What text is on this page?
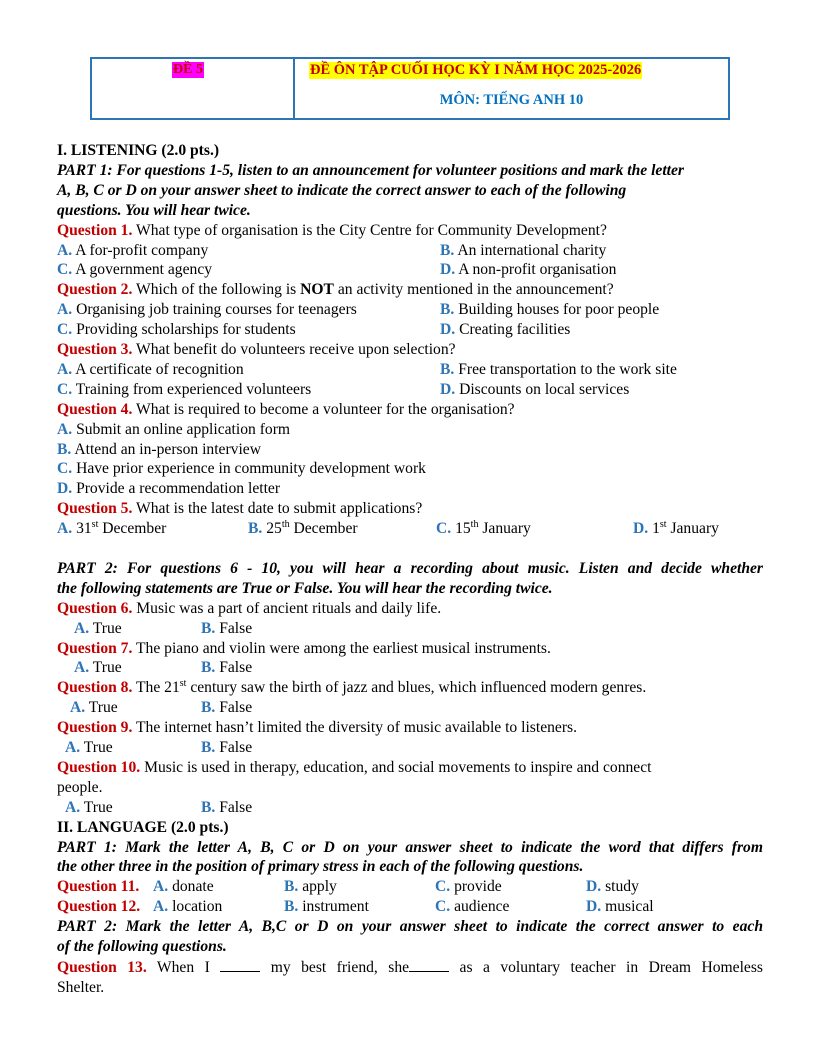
ĐỀ 5	ĐỀ ÔN TẬP CUỐI HỌC KỲ I NĂM HỌC 2025-2026
MÔN: TIẾNG ANH 10
I. LISTENING (2.0 pts.)
PART 1: For questions 1-5, listen to an announcement for volunteer positions and mark the letter
A, B, C or D on your answer sheet to indicate the correct answer to each of the following
questions. You will hear twice.
Question 1. What type of organisation is the City Centre for Community Development?
A. A for-profit company	B. An international charity
C. A government agency	D. A non-profit organisation
Question 2. Which of the following is NOT an activity mentioned in the announcement?
A. Organising job training courses for teenagers	B. Building houses for poor people
C. Providing scholarships for students	D. Creating facilities
Question 3. What benefit do volunteers receive upon selection?
A. A certificate of recognition	B. Free transportation to the work site
C. Training from experienced volunteers	D. Discounts on local services
Question 4. What is required to become a volunteer for the organisation?
A. Submit an online application form
B. Attend an in-person interview
C. Have prior experience in community development work
D. Provide a recommendation letter
Question 5. What is the latest date to submit applications?
A. 31st December	B. 25th December	C. 15th January	D. 1st January
PART 2: For questions 6 - 10, you will hear a recording about music. Listen and decide whether
the following statements are True or False. You will hear the recording twice.
Question 6. Music was a part of ancient rituals and daily life.
A. True	B. False
Question 7. The piano and violin were among the earliest musical instruments.
A. True	B. False
Question 8. The 21st century saw the birth of jazz and blues, which influenced modern genres.
A. True	B. False
Question 9. The internet hasn’t limited the diversity of music available to listeners.
A. True	B. False
Question 10. Music is used in therapy, education, and social movements to inspire and connect
people.
A. True	B. False
II. LANGUAGE (2.0 pts.)
PART 1: Mark the letter A, B, C or D on your answer sheet to indicate the word that differs from
the other three in the position of primary stress in each of the following questions.
Question 11. A. donate	B. apply	C. provide	D. study
Question 12. A. location	B. instrument	C. audience	D. musical
PART 2: Mark the letter A, B,C or D on your answer sheet to indicate the correct answer to each
of the following questions.
Question 13. When I	my best friend, she	as a voluntary teacher in Dream Homeless
Shelter.
